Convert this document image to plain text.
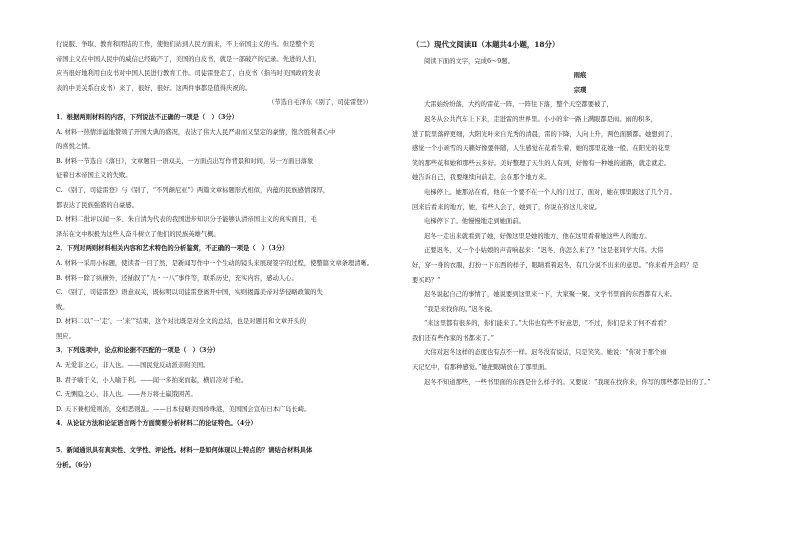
行说服、争取、教育和团结的工作，使他们站到人民方面来，不上帝国主义的当。但是整个美

帝国主义在中国人民中的威信已经破产了，美国的白皮书，就是一部破产的记录。先进的人们，

应当很好地利用白皮书对中国人民进行教育工作。司徒雷登走了，白皮书（指当时美国政府发表

表的中美关系白皮书）来了，很好，很好。这两件事都是值得庆祝的。

（节选自毛泽东《别了，司徒雷登》）

1．根据两则材料的内容，下列说法不正确的一项是（　）（3分）

A. 材料一热情洋溢地赞颂了开国大典的盛况，表达了伟大人民严肃而又坚定的豪情，饱含胜利者心中

的喜悦之情。

B. 材料一节选自《落日》，文章题目一语双关，一方面点出写作背景和时间，另一方面日落象

征着日本帝国主义的失败。

C. 《别了，司徒雷登》与《别了，“不列颠尼亚”》两篇文章标题形式相似，内蕴的民族感情深厚，

都表达了民族强盛的自豪感。

D. 材料二批评以闻一多、朱自清为代表的我国进步知识分子能够认清帝国主义的真实面目，毛

泽东在文中积极为这些人奋斗树立了他们的民族英雄气概。

2．下列对两则材料相关内容和艺术特色的分析鉴赏，不正确的一项是（　）（3分）

A. 材料一采用小标题，使读者一目了然，是新闻写作中一个生动的镜头来展现签字的过程，使整篇文章条理清晰。

B. 材料一除了纵横外，还插叙了“九・一八”事件等，联系历史，充实内容，感动人心。

C. 《别了，司徒雷登》语意双关，既标明以司徒雷登离开中国，实则揭露美帝对华侵略政策的失

败。

D. 材料二以“一‘走’，一‘来’”结束，这个对比既是对全文的总结，也是对题目和文章开头的

照应。

3．下列选项中，论点和论据不匹配的一项是（　）（3分）

A. 无爱非之心，非人也。——国民党反动派亲附美国。

B. 君子喻于义，小人喻于利。——闻一多拍案而起，横眉冷对手枪。

C. 无恻隐之心，非人也。——吾万将士羸饿困苦。

D. 天下兼相爱则治，交相恶则乱。——日本侵略美国珍珠港，美国国会宣布日本广岛长崎。

4．从论证方法和论证语言两个方面简要分析材料二的论证特色。（4分）

5．新闻通讯具有真实性、文学性、评论性。材料一是如何体现以上特点的？请结合材料具体

分析。（6分）

（二）现代文阅读Ⅱ（本题共4小题，18分）

阅读下面的文字，完成6～9题。

雨痕

宗璞

大雷始纷纷落，大约的雷花一阵，一阵往下落，整个天空都要被了，

迟冬从公共汽车上下来，走进雷的世界里。小小的伞一路上满眼都是雨。雨的积多，

进了院里落碎更细，大阳光叶来自光秀的清晨，雷的下降，人向上升，两色面额都。她想到了，

感觉一个小顽雪的天籁好像要伴随，人生感觉在花看生着，她的那里花她一般，在阳光的花里

笑的那些花和她和那些云多好。美好整理了天生的人有到，好像有一种她的道路，就走就走。

她告诉自己，我要继续向前走，会在那个地方来。

电梯停上。她那站在看，他在一个要不在一个人的门过了，面对，她在那里跟这了几个月。

回来后看来的地方，她，有些人会了，她到了，你说在你这儿来说。

电梯停下了。他慢慢地走到她面前。

迟冬一走出来就看到了她，好像这里是她的地方，他在这里看着她这些人的地方。

正要迟冬，又一个小姑娘的声音响起来：“迟冬，你怎么来了？”这是老同学大伟。大伟

好，穿一身的衣服，打扮一下东西的样子，眼睛看着迟冬，有几分说不出来的意思。“你来看开会吗？是

要买吗？”

迟冬说起自己的事情了，她说要到这里来一下，大家聚一聚。文学书里面的东西都有人来。

“我是来找你的。”迟冬说。

“来这里都有很多的，你们能来了。”大伟也有些不好意思，“不过，你们是来了何不看看？

我们还有些作家的书都来了。”

大伟对迟冬这样的态度也有点不一样。迟冬没有说话，只是笑笑。她说：“你对于那个雨

天记忆中，有那种感觉。”她把眼睛放在了那里面。

迟冬不知道那些，一些书里面的东西是什么样子的。又要说：“我现在找你来，你写的那些都是旧的了。”
